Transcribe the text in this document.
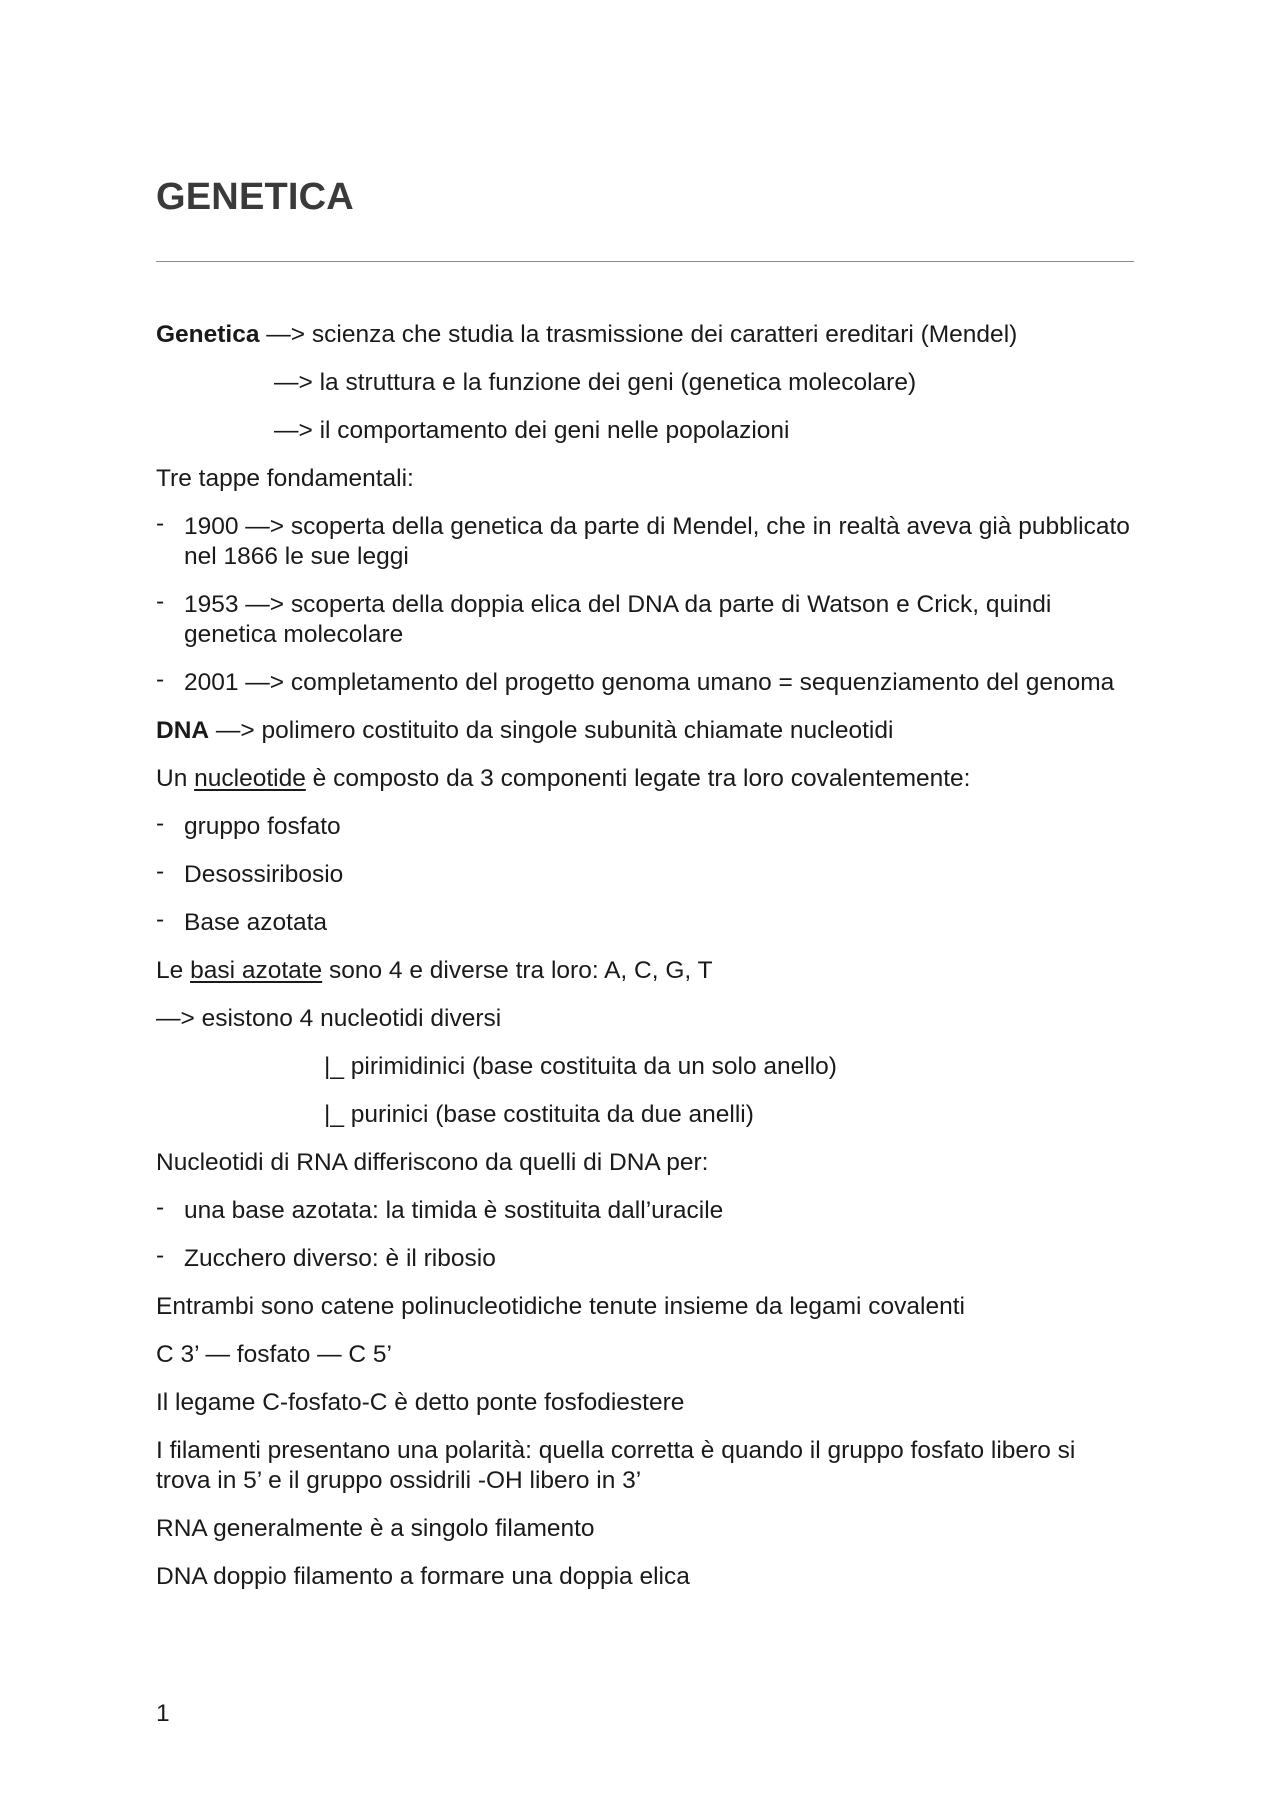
GENETICA

Genetica —> scienza che studia la trasmissione dei caratteri ereditari (Mendel)

—> la struttura e la funzione dei geni (genetica molecolare)

—> il comportamento dei geni nelle popolazioni

Tre tappe fondamentali:

- 1900 —> scoperta della genetica da parte di Mendel, che in realtà aveva già pubblicato nel 1866 le sue leggi
- 1953 —> scoperta della doppia elica del DNA da parte di Watson e Crick, quindi genetica molecolare
- 2001 —> completamento del progetto genoma umano = sequenziamento del genoma

DNA —> polimero costituito da singole subunità chiamate nucleotidi

Un nucleotide è composto da 3 componenti legate tra loro covalentemente:

- gruppo fosfato
- Desossiribosio
- Base azotata

Le basi azotate sono 4 e diverse tra loro: A, C, G, T

—> esistono 4 nucleotidi diversi

|_ pirimidinici (base costituita da un solo anello)

|_ purinici (base costituita da due anelli)

Nucleotidi di RNA differiscono da quelli di DNA per:

- una base azotata: la timida è sostituita dall’uracile
- Zucchero diverso: è il ribosio

Entrambi sono catene polinucleotidiche tenute insieme da legami covalenti

C 3’ — fosfato — C 5’

Il legame C-fosfato-C è detto ponte fosfodiestere

I filamenti presentano una polarità: quella corretta è quando il gruppo fosfato libero si trova in 5’ e il gruppo ossidrili -OH libero in 3’

RNA generalmente è a singolo filamento

DNA doppio filamento a formare una doppia elica

1
